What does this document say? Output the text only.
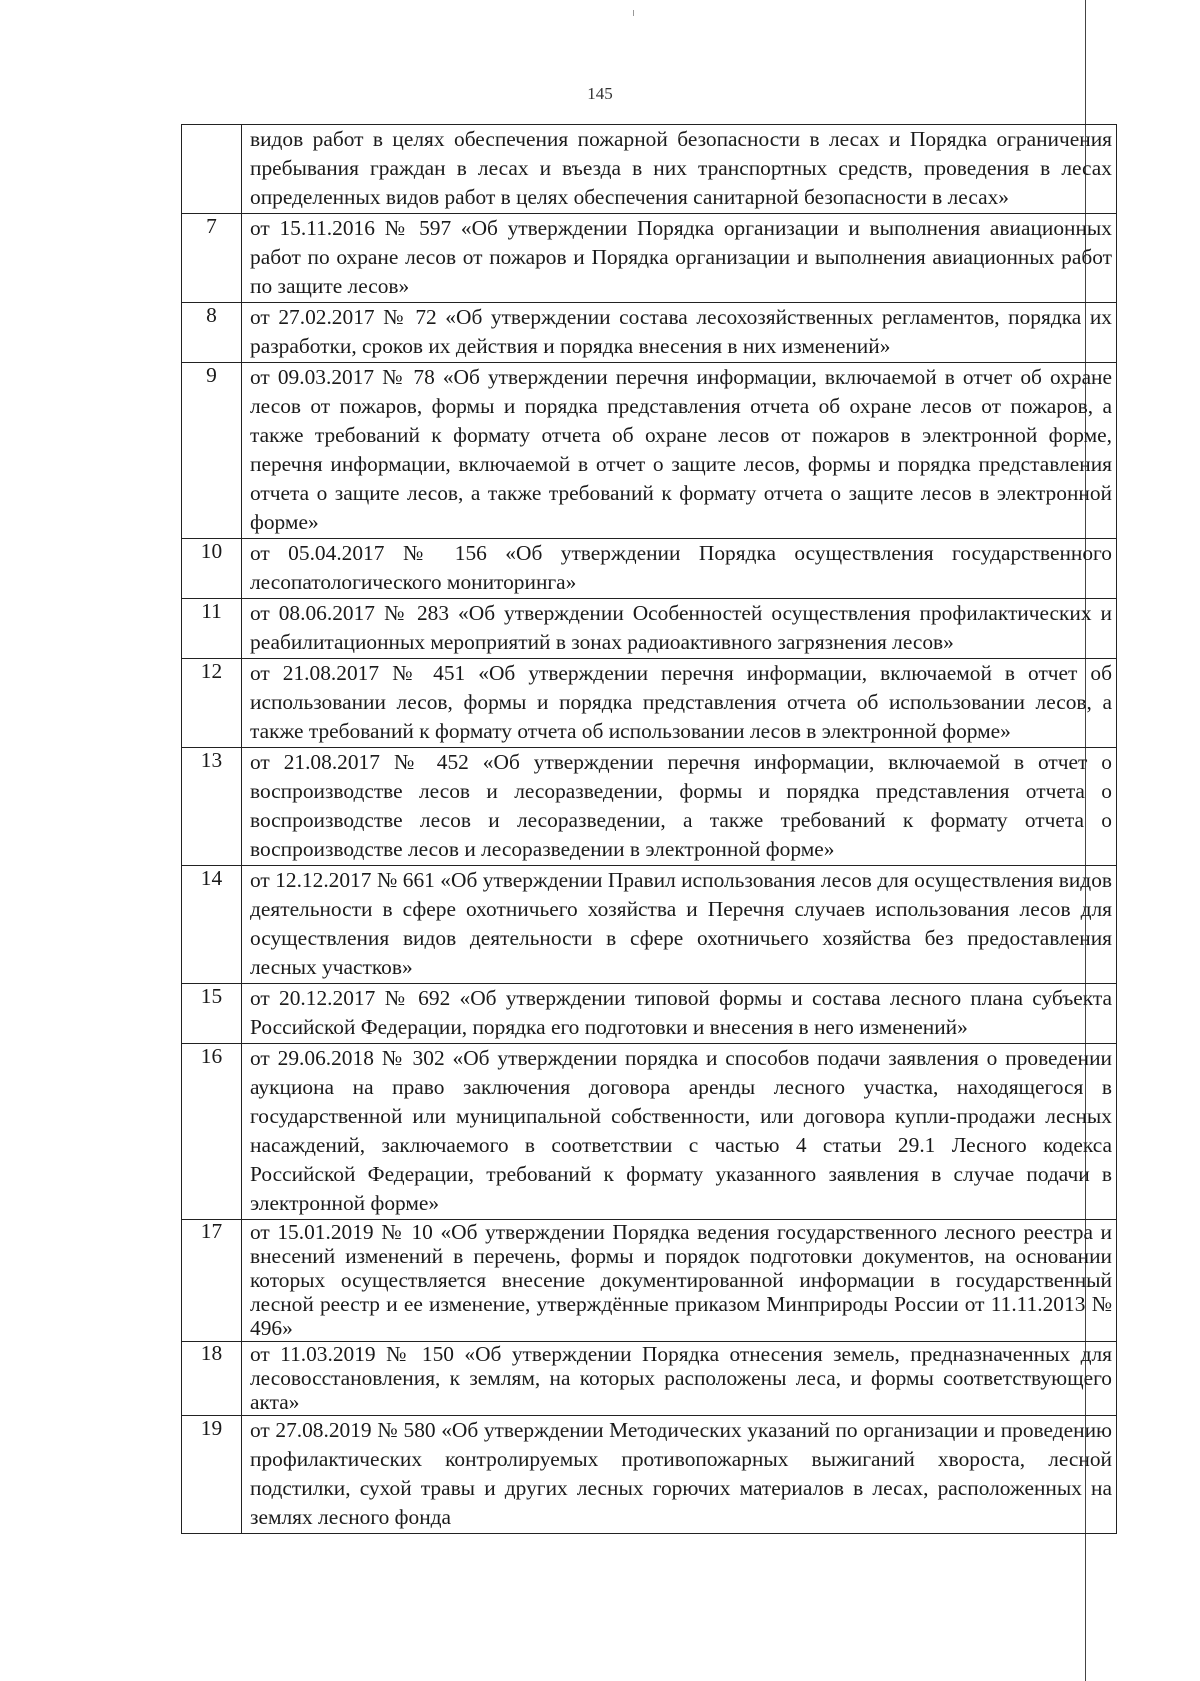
145
	видов работ в целях обеспечения пожарной безопасности в лесах и Порядка ограничения пребывания граждан в лесах и въезда в них транспортных средств, проведения в лесах определенных видов работ в целях обеспечения санитарной безопасности в лесах»
7	от 15.11.2016 № 597 «Об утверждении Порядка организации и выполнения авиационных работ по охране лесов от пожаров и Порядка организации и выполнения авиационных работ по защите лесов»
8	от 27.02.2017 № 72 «Об утверждении состава лесохозяйственных регламентов, порядка их разработки, сроков их действия и порядка внесения в них изменений»
9	от 09.03.2017 № 78 «Об утверждении перечня информации, включаемой в отчет об охране лесов от пожаров, формы и порядка представления отчета об охране лесов от пожаров, а также требований к формату отчета об охране лесов от пожаров в электронной форме, перечня информации, включаемой в отчет о защите лесов, формы и порядка представления отчета о защите лесов, а также требований к формату отчета о защите лесов в электронной форме»
10	от 05.04.2017 № 156 «Об утверждении Порядка осуществления государственного лесопатологического мониторинга»
11	от 08.06.2017 № 283 «Об утверждении Особенностей осуществления профилактических и реабилитационных мероприятий в зонах радиоактивного загрязнения лесов»
12	от 21.08.2017 № 451 «Об утверждении перечня информации, включаемой в отчет об использовании лесов, формы и порядка представления отчета об использовании лесов, а также требований к формату отчета об использовании лесов в электронной форме»
13	от 21.08.2017 № 452 «Об утверждении перечня информации, включаемой в отчет о воспроизводстве лесов и лесоразведении, формы и порядка представления отчета о воспроизводстве лесов и лесоразведении, а также требований к формату отчета о воспроизводстве лесов и лесоразведении в электронной форме»
14	от 12.12.2017 № 661 «Об утверждении Правил использования лесов для осуществления видов деятельности в сфере охотничьего хозяйства и Перечня случаев использования лесов для осуществления видов деятельности в сфере охотничьего хозяйства без предоставления лесных участков»
15	от 20.12.2017 № 692 «Об утверждении типовой формы и состава лесного плана субъекта Российской Федерации, порядка его подготовки и внесения в него изменений»
16	от 29.06.2018 № 302 «Об утверждении порядка и способов подачи заявления о проведении аукциона на право заключения договора аренды лесного участка, находящегося в государственной или муниципальной собственности, или договора купли-продажи лесных насаждений, заключаемого в соответствии с частью 4 статьи 29.1 Лесного кодекса Российской Федерации, требований к формату указанного заявления в случае подачи в электронной форме»
17	от 15.01.2019 № 10 «Об утверждении Порядка ведения государственного лесного реестра и внесений изменений в перечень, формы и порядок подготовки документов, на основании которых осуществляется внесение документированной информации в государственный лесной реестр и ее изменение, утверждённые приказом Минприроды России от 11.11.2013 № 496»
18	от 11.03.2019 № 150 «Об утверждении Порядка отнесения земель, предназначенных для лесовосстановления, к землям, на которых расположены леса, и формы соответствующего акта»
19	от 27.08.2019 № 580 «Об утверждении Методических указаний по организации и проведению профилактических контролируемых противопожарных выжиганий хвороста, лесной подстилки, сухой травы и других лесных горючих материалов в лесах, расположенных на землях лесного фонда
